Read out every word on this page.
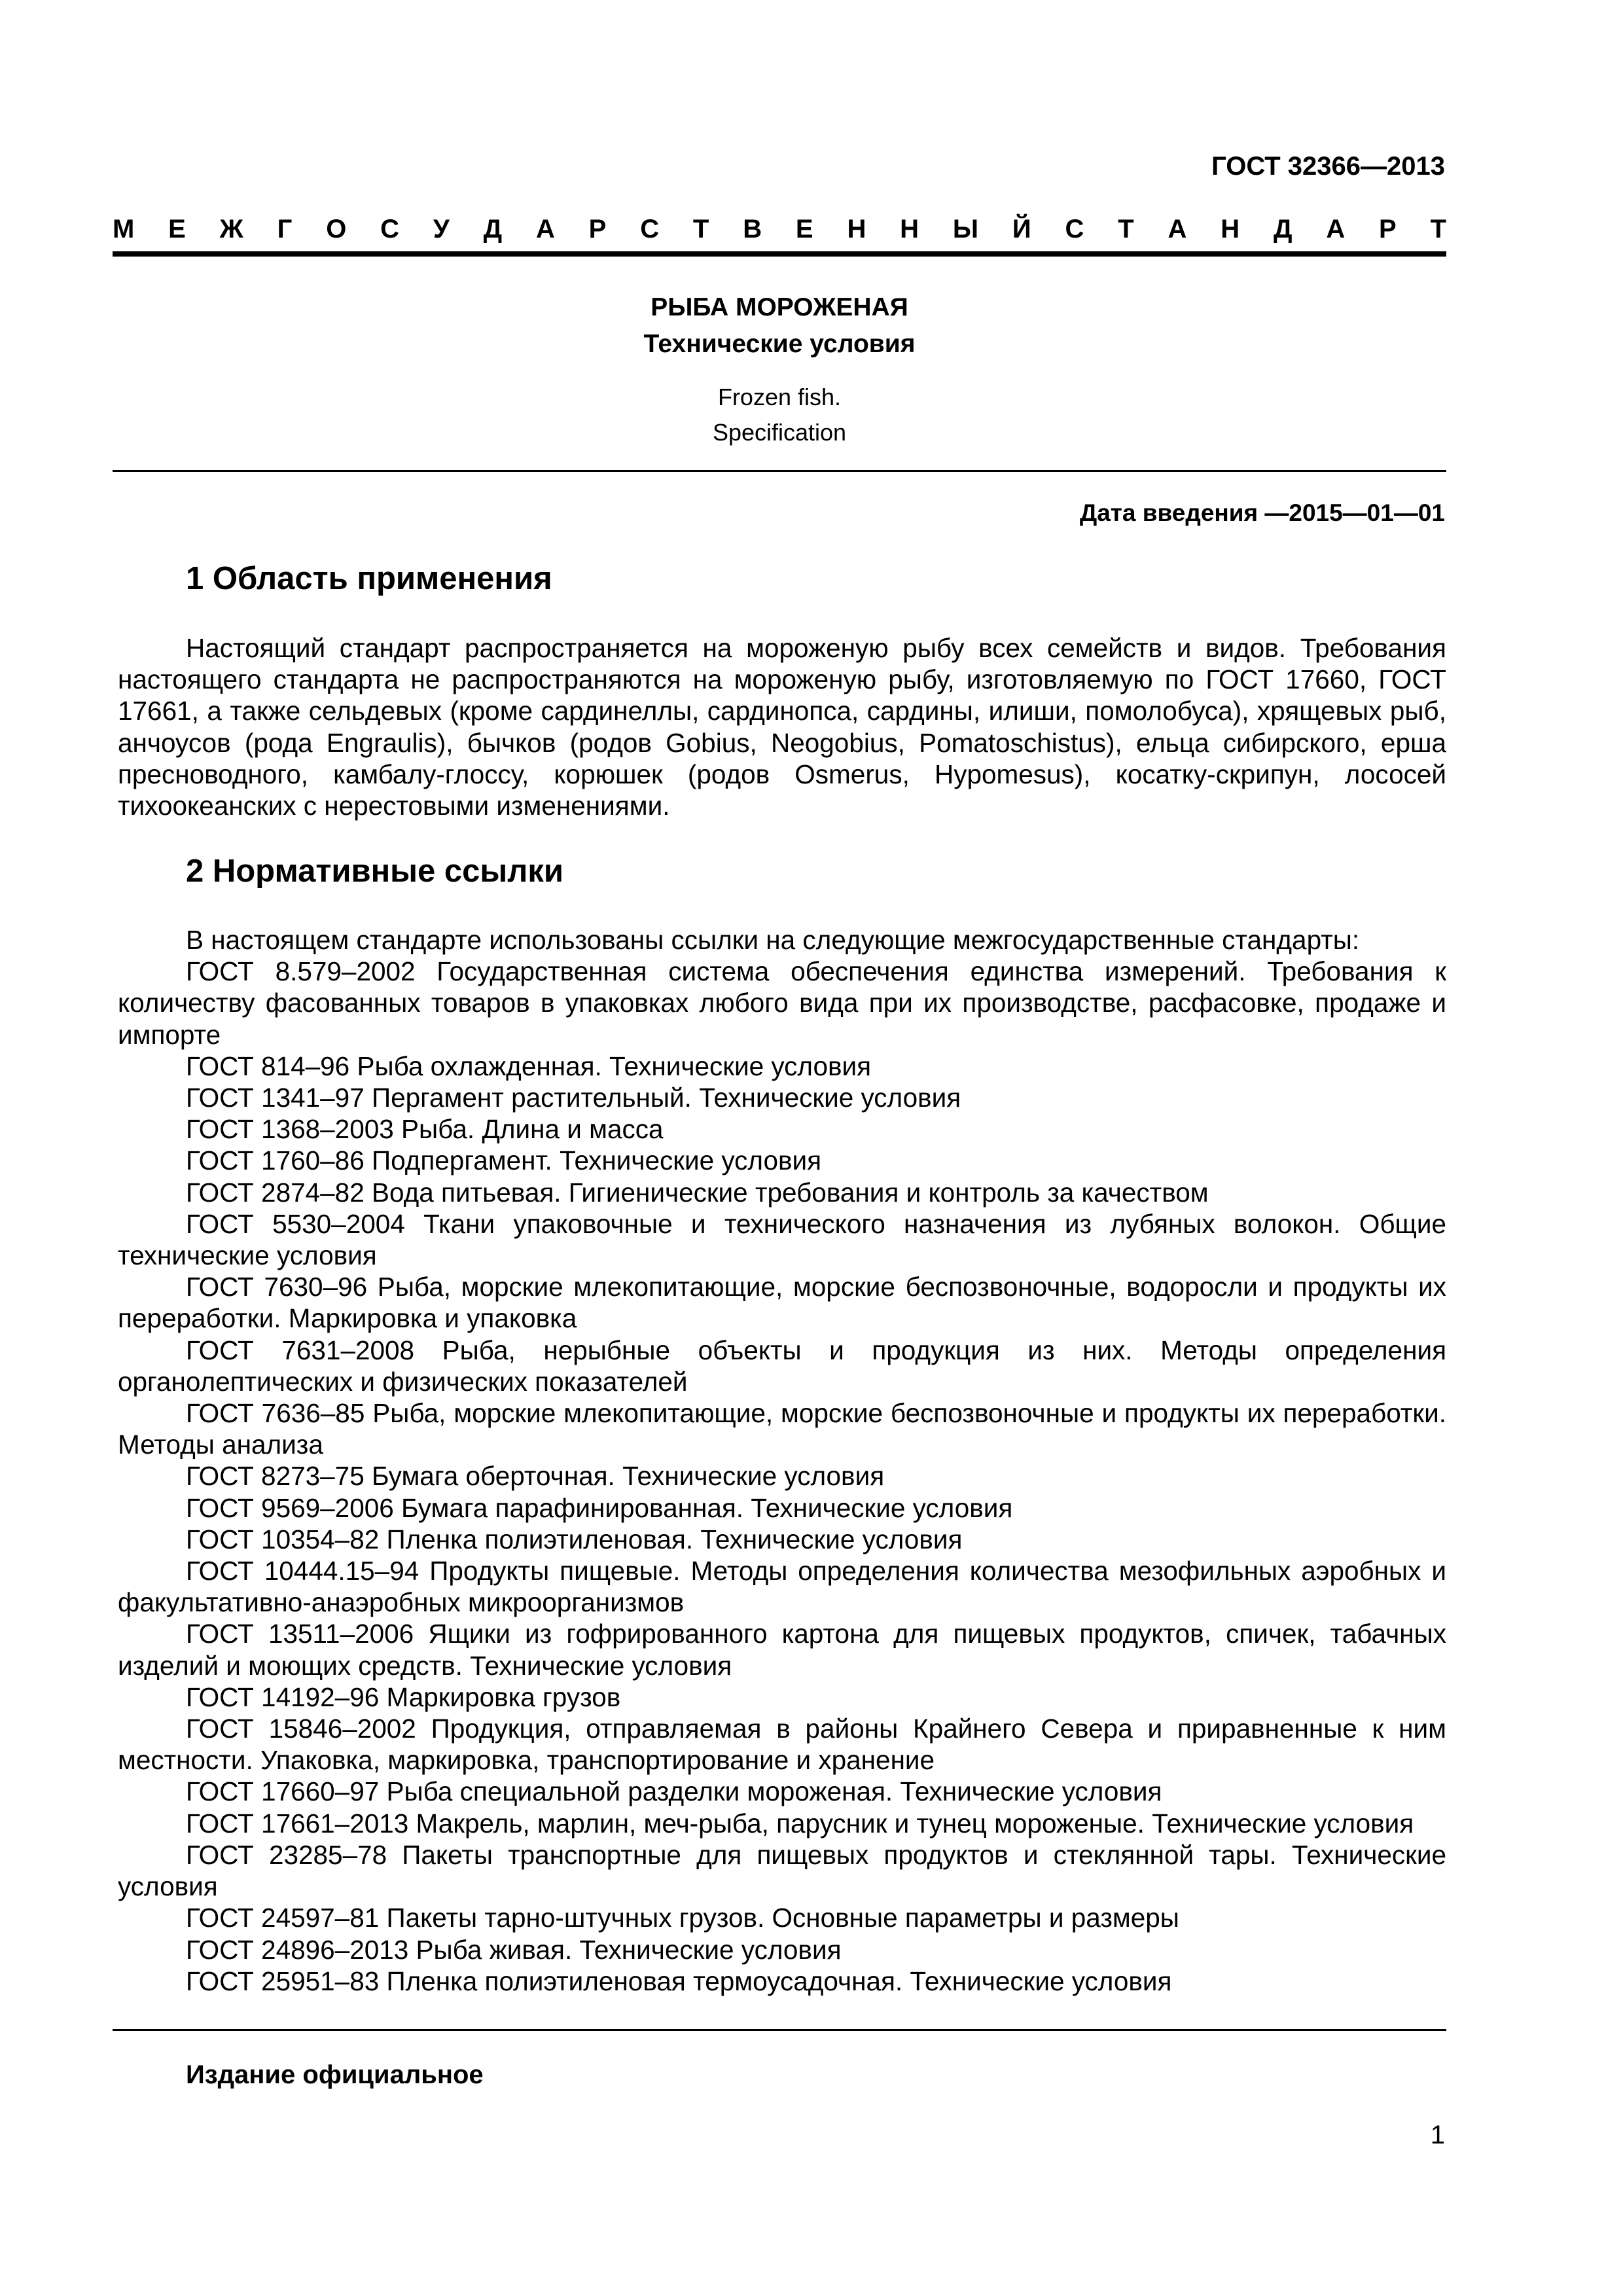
ГОСТ 32366—2013
М Е Ж Г О С У Д А Р С Т В Е Н Н Ы Й С Т А Н Д А Р Т
РЫБА МОРОЖЕНАЯ
Технические условия
Frozen fish.
Specification
Дата введения —2015—01—01
1 Область применения

Настоящий стандарт распространяется на мороженую рыбу всех семейств и видов. Требования настоящего стандарта не распространяются на мороженую рыбу, изготовляемую по ГОСТ 17660, ГОСТ 17661, а также сельдевых (кроме сардинеллы, сардинопса, сардины, илиши, помолобуса), хрящевых рыб, анчоусов (рода Engraulis), бычков (родов Gobius, Neogobius, Pomatoschistus), ельца сибирского, ерша пресноводного, камбалу-глоссу, корюшек (родов Osmerus, Hypomesus), косатку-скрипун, лососей тихоокеанских с нерестовыми изменениями.

2 Нормативные ссылки

В настоящем стандарте использованы ссылки на следующие межгосударственные стандарты:

ГОСТ 8.579–2002 Государственная система обеспечения единства измерений. Требования к количеству фасованных товаров в упаковках любого вида при их производстве, расфасовке, продаже и импорте

ГОСТ 814–96 Рыба охлажденная. Технические условия

ГОСТ 1341–97 Пергамент растительный. Технические условия

ГОСТ 1368–2003 Рыба. Длина и масса

ГОСТ 1760–86 Подпергамент. Технические условия

ГОСТ 2874–82 Вода питьевая. Гигиенические требования и контроль за качеством

ГОСТ 5530–2004 Ткани упаковочные и технического назначения из лубяных волокон. Общие технические условия

ГОСТ 7630–96 Рыба, морские млекопитающие, морские беспозвоночные, водоросли и продукты их переработки. Маркировка и упаковка

ГОСТ 7631–2008 Рыба, нерыбные объекты и продукция из них. Методы определения органолептических и физических показателей

ГОСТ 7636–85 Рыба, морские млекопитающие, морские беспозвоночные и продукты их переработки. Методы анализа

ГОСТ 8273–75 Бумага оберточная. Технические условия

ГОСТ 9569–2006 Бумага парафинированная. Технические условия

ГОСТ 10354–82 Пленка полиэтиленовая. Технические условия

ГОСТ 10444.15–94 Продукты пищевые. Методы определения количества мезофильных аэробных и факультативно-анаэробных микроорганизмов

ГОСТ 13511–2006 Ящики из гофрированного картона для пищевых продуктов, спичек, табачных изделий и моющих средств. Технические условия

ГОСТ 14192–96 Маркировка грузов

ГОСТ 15846–2002 Продукция, отправляемая в районы Крайнего Севера и приравненные к ним местности. Упаковка, маркировка, транспортирование и хранение

ГОСТ 17660–97 Рыба специальной разделки мороженая. Технические условия

ГОСТ 17661–2013 Макрель, марлин, меч-рыба, парусник и тунец мороженые. Технические условия

ГОСТ 23285–78 Пакеты транспортные для пищевых продуктов и стеклянной тары. Технические условия

ГОСТ 24597–81 Пакеты тарно-штучных грузов. Основные параметры и размеры

ГОСТ 24896–2013 Рыба живая. Технические условия

ГОСТ 25951–83 Пленка полиэтиленовая термоусадочная. Технические условия

Издание официальное
1
